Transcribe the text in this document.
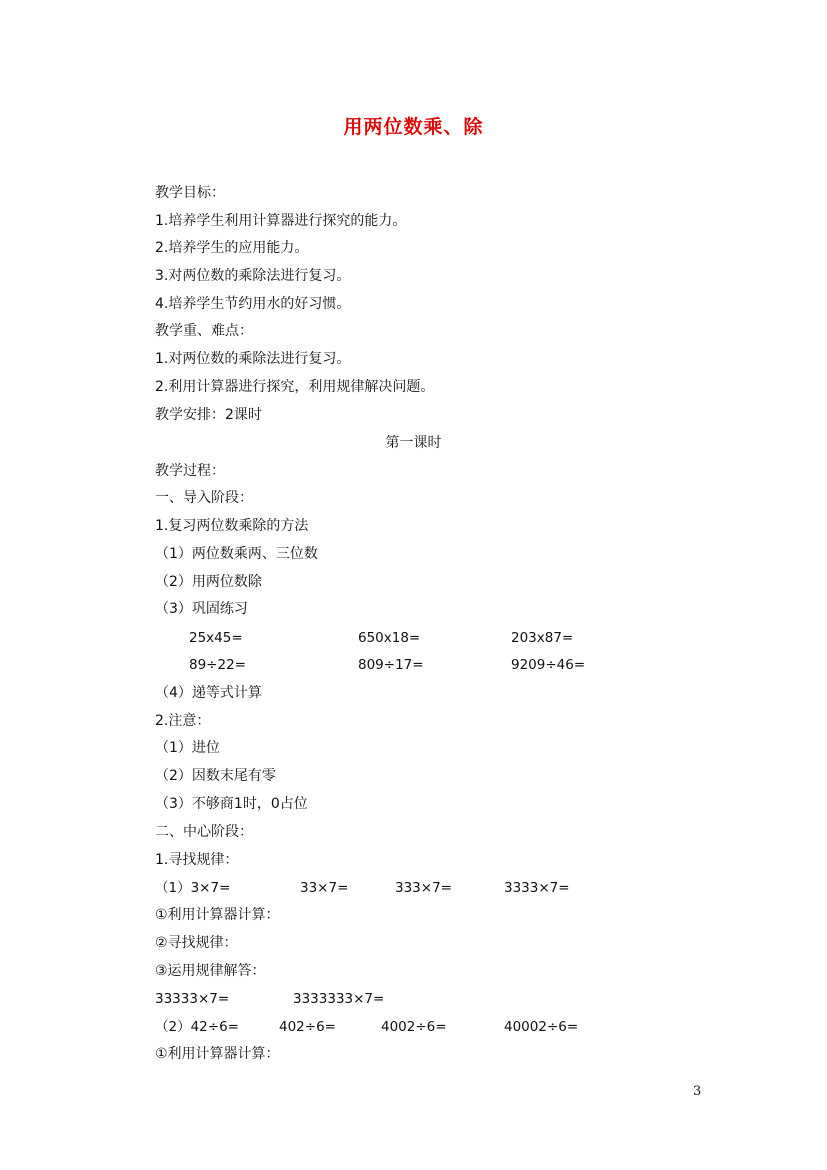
用两位数乘、除
教学目标：
1.培养学生利用计算器进行探究的能力。
2.培养学生的应用能力。
3.对两位数的乘除法进行复习。
4.培养学生节约用水的好习惯。
教学重、难点：
1.对两位数的乘除法进行复习。
2.利用计算器进行探究，利用规律解决问题。
教学安排：2课时
第一课时
教学过程：
一、导入阶段：
1.复习两位数乘除的方法
（1）两位数乘两、三位数
（2）用两位数除
（3）巩固练习
25x45=	650x18=	203x87=
89÷22=	809÷17=	9209÷46=
（4）递等式计算
2.注意：
（1）进位
（2）因数末尾有零
（3）不够商1时，0占位
二、中心阶段：
1.寻找规律：
（1）3×7=	33×7=	333×7=	3333×7=
①利用计算器计算：
②寻找规律：
③运用规律解答：
33333×7=	3333333×7=
（2）42÷6=	402÷6=	4002÷6=	40002÷6=
①利用计算器计算：
3
